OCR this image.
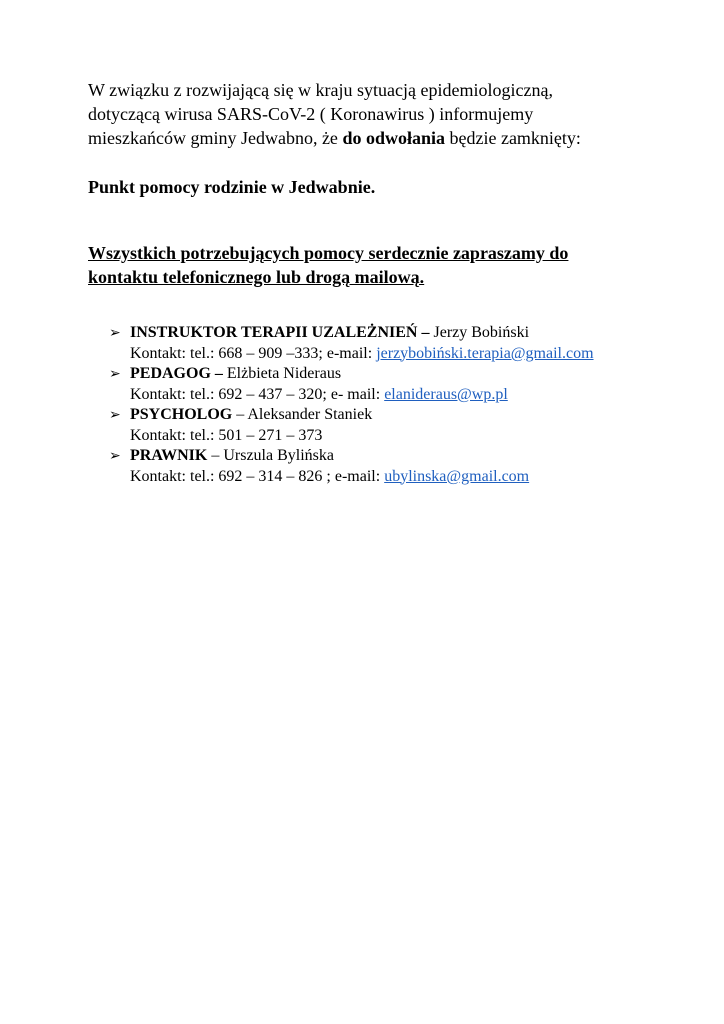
W związku z rozwijającą się w kraju sytuacją epidemiologiczną,
dotyczącą wirusa SARS-CoV-2 ( Koronawirus ) informujemy
mieszkańców gminy Jedwabno, że do odwołania będzie zamknięty:

Punkt pomocy rodzinie w Jedwabnie.

Wszystkich potrzebujących pomocy serdecznie zapraszamy do
kontaktu telefonicznego lub drogą mailową.

➢ INSTRUKTOR TERAPII UZALEŻNIEŃ – Jerzy Bobiński
Kontakt: tel.: 668 – 909 –333; e-mail: jerzybobiński.terapia@gmail.com
➢ PEDAGOG – Elżbieta Nideraus
Kontakt: tel.: 692 – 437 – 320; e- mail: elanideraus@wp.pl
➢ PSYCHOLOG – Aleksander Staniek
Kontakt: tel.: 501 – 271 – 373
➢ PRAWNIK – Urszula Bylińska
Kontakt: tel.: 692 – 314 – 826 ; e-mail: ubylinska@gmail.com
